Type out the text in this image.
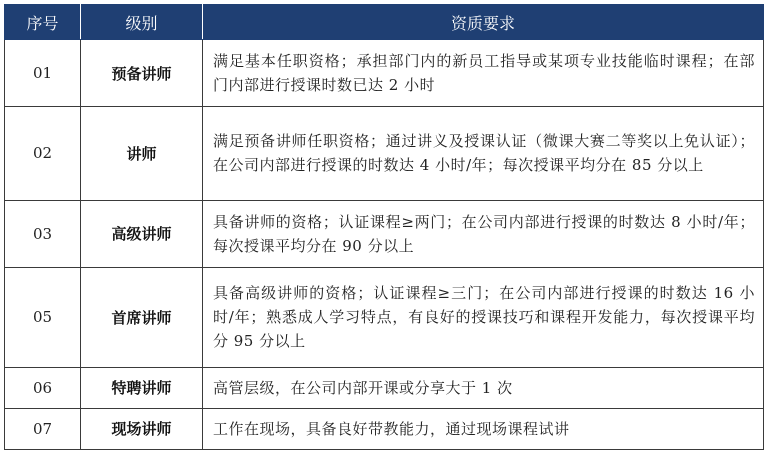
序号	级别	资质要求
01	预备讲师	满足基本任职资格；承担部门内的新员工指导或某项专业技能临时课程；在部门内部进行授课时数已达 2 小时
02	讲师	满足预备讲师任职资格；通过讲义及授课认证（微课大赛二等奖以上免认证）；在公司内部进行授课的时数达 4 小时/年；每次授课平均分在 85 分以上
03	高级讲师	具备讲师的资格；认证课程≥两门；在公司内部进行授课的时数达 8 小时/年；每次授课平均分在 90 分以上
05	首席讲师	具备高级讲师的资格；认证课程≥三门；在公司内部进行授课的时数达 16 小时/年；熟悉成人学习特点，有良好的授课技巧和课程开发能力，每次授课平均分 95 分以上
06	特聘讲师	高管层级，在公司内部开课或分享大于 1 次
07	现场讲师	工作在现场，具备良好带教能力，通过现场课程试讲
